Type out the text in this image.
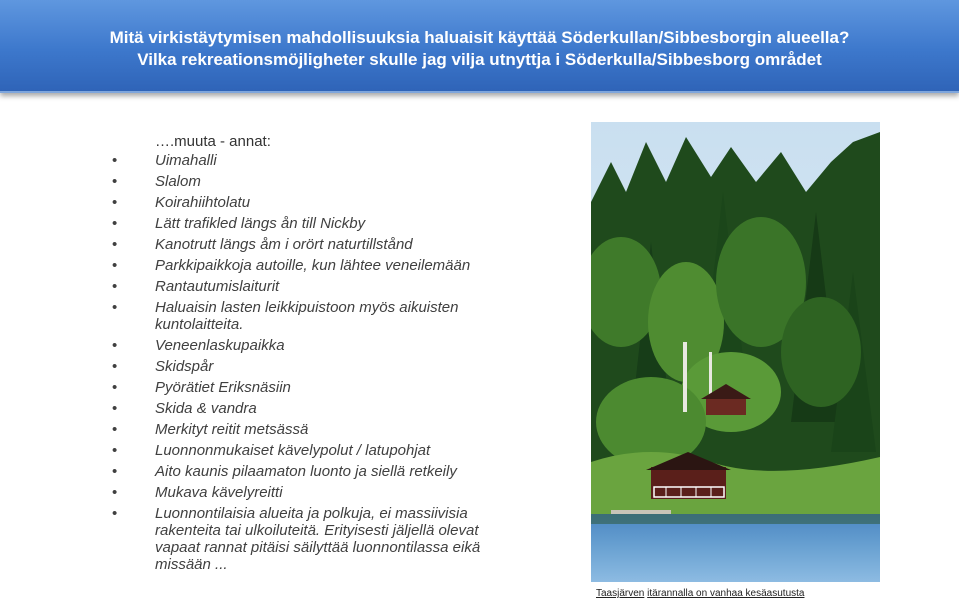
Mitä virkistäytymisen mahdollisuuksia haluaisit käyttää Söderkullan/Sibbesborgin alueella?
Vilka rekreationsmöjligheter skulle jag vilja utnyttja i Söderkulla/Sibbesborg området
….muuta - annat:
• Uimahalli
• Slalom
• Koirahiihtolatu
• Lätt trafikled längs ån till Nickby
• Kanotrutt längs åm i orört naturtillstånd
• Parkkipaikkoja autoille, kun lähtee veneilemään
• Rantautumislaiturit
• Haluaisin lasten leikkipuistoon myös aikuisten kuntolaitteita.
• Veneenlaskupaikka
• Skidspår
• Pyörätiet Eriksnäsiin
• Skida & vandra
• Merkityt reitit metsässä
• Luonnonmukaiset kävelypolut / latupohjat
• Aito kaunis pilaamaton luonto ja siellä retkeily
• Mukava kävelyreitti
• Luonnontilaisia alueita ja polkuja, ei massiivisia rakenteita tai ulkoiluteitä. Erityisesti jäljellä olevat vapaat rannat pitäisi säilyttää luonnontilassa eikä missään ...
Taasjärven itärannalla on vanhaa kesäasutusta
